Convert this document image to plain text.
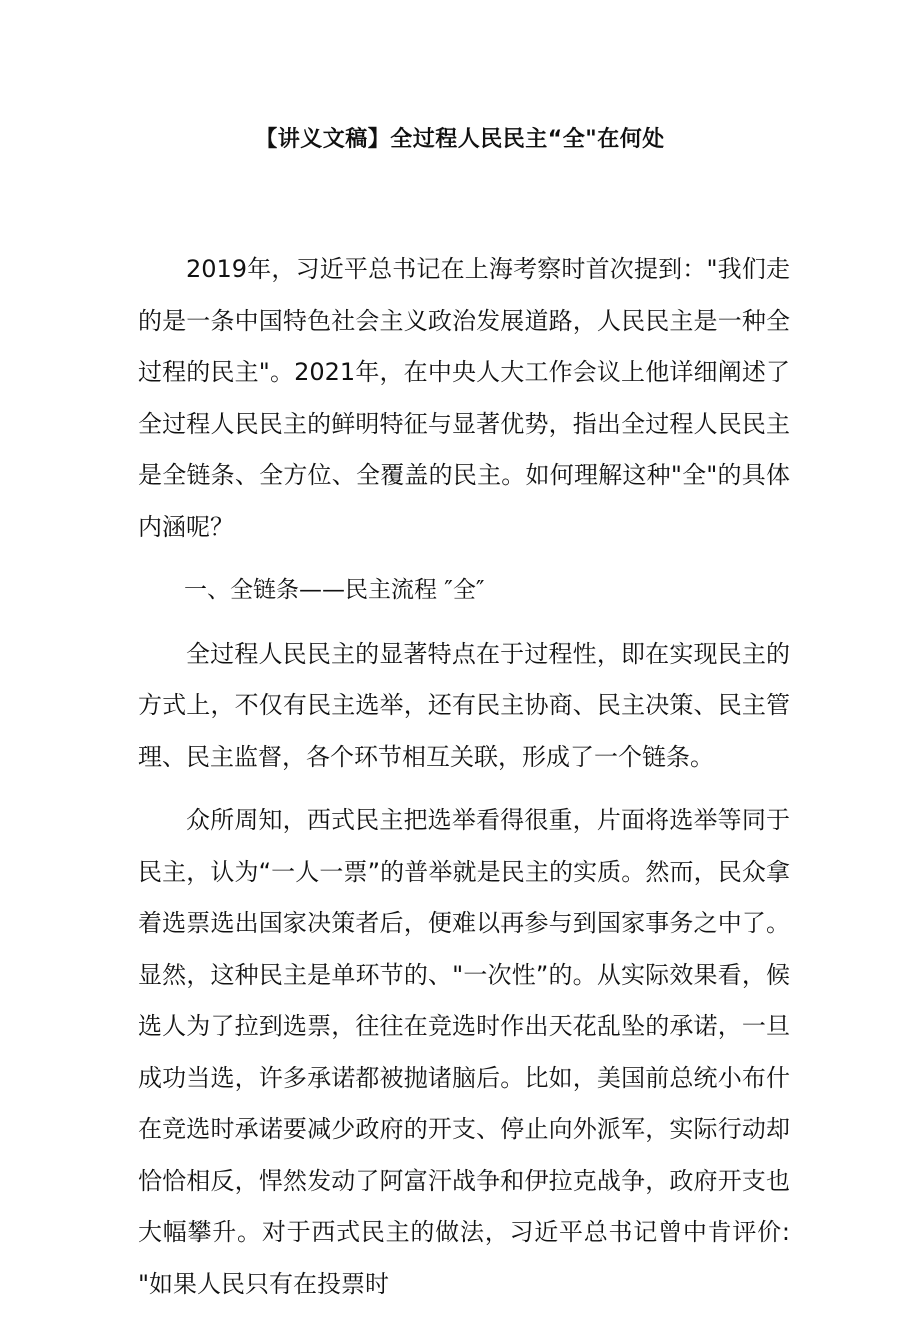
【讲义文稿】全过程人民民主“全"在何处

2019年，习近平总书记在上海考察时首次提到："我们走的是一条中国特色社会主义政治发展道路，人民民主是一种全过程的民主"。2021年，在中央人大工作会议上他详细阐述了全过程人民民主的鲜明特征与显著优势，指出全过程人民民主是全链条、全方位、全覆盖的民主。如何理解这种"全"的具体内涵呢？

一、全链条——民主流程 ″全″

全过程人民民主的显著特点在于过程性，即在实现民主的方式上，不仅有民主选举，还有民主协商、民主决策、民主管理、民主监督，各个环节相互关联，形成了一个链条。

众所周知，西式民主把选举看得很重，片面将选举等同于民主，认为“一人一票”的普举就是民主的实质。然而，民众拿着选票选出国家决策者后，便难以再参与到国家事务之中了。显然，这种民主是单环节的、"一次性”的。从实际效果看，候选人为了拉到选票，往往在竞选时作出天花乱坠的承诺，一旦成功当选，许多承诺都被抛诸脑后。比如，美国前总统小布什在竞选时承诺要减少政府的开支、停止向外派军，实际行动却恰恰相反，悍然发动了阿富汗战争和伊拉克战争，政府开支也大幅攀升。对于西式民主的做法，习近平总书记曾中肯评价: "如果人民只有在投票时
